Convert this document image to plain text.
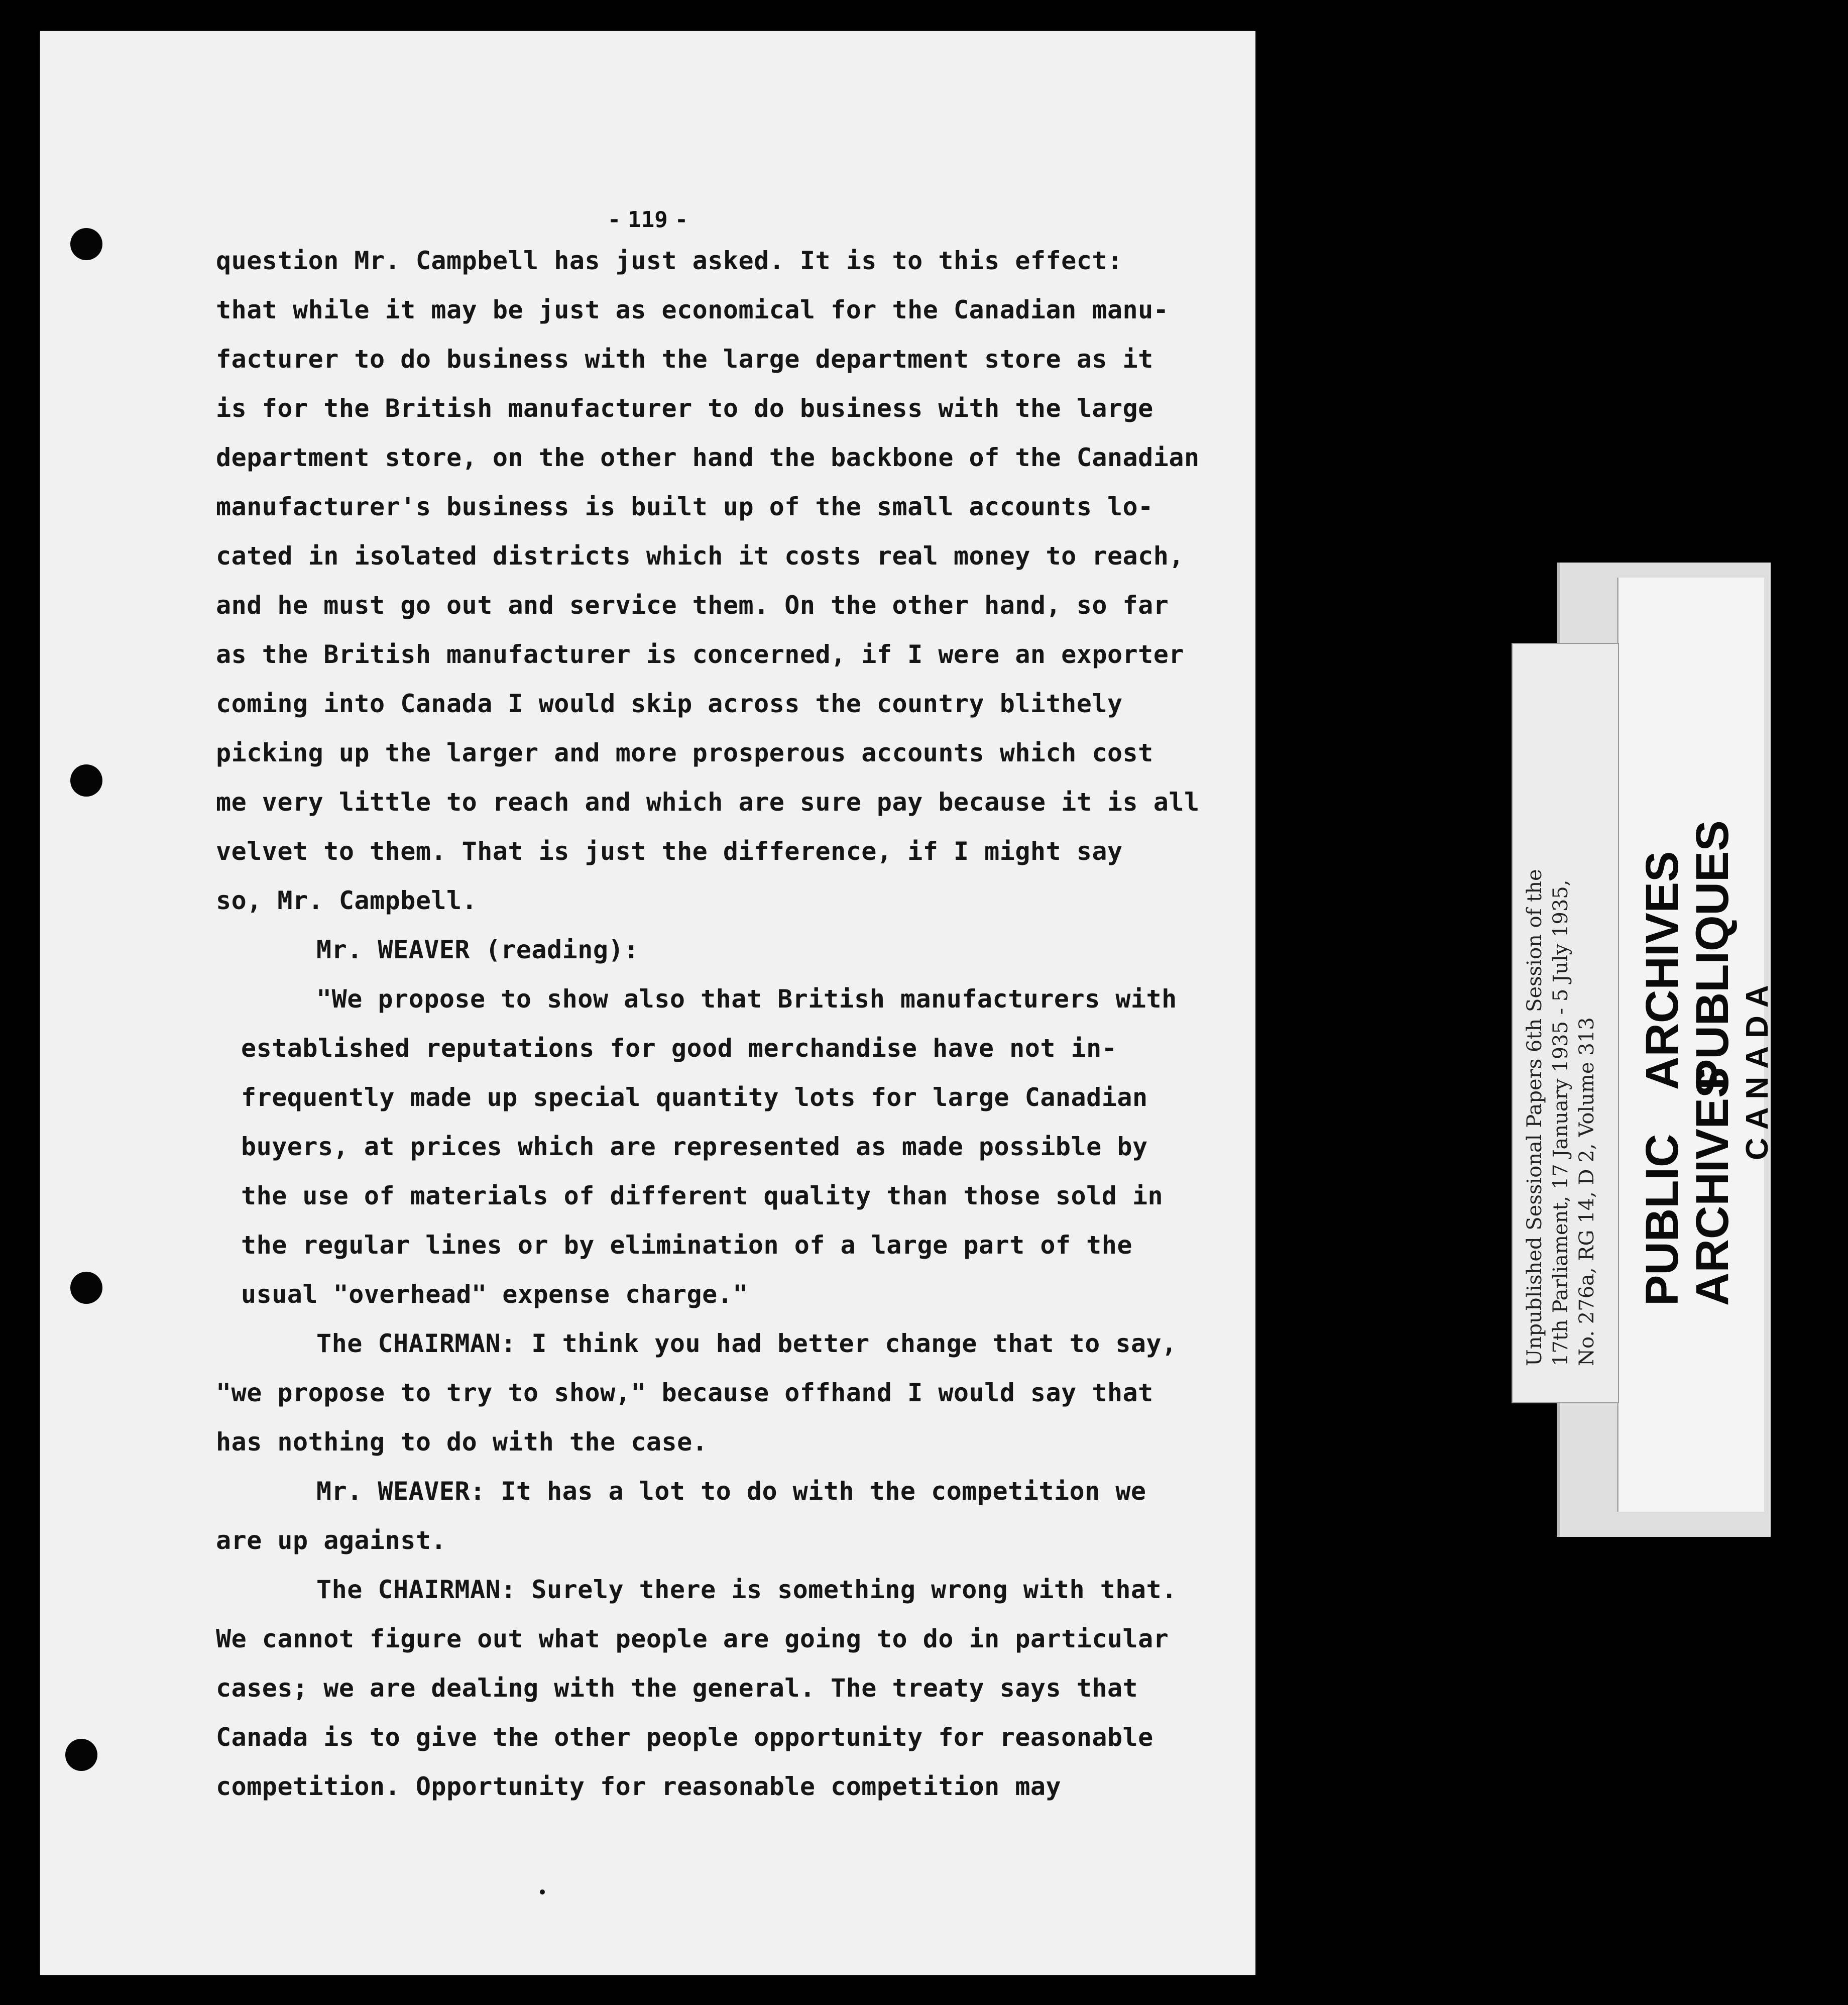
- 119 -
question Mr. Campbell has just asked. It is to this effect:
that while it may be just as economical for the Canadian manu-
facturer to do business with the large department store as it
is for the British manufacturer to do business with the large
department store, on the other hand the backbone of the Canadian
manufacturer's business is built up of the small accounts lo-
cated in isolated districts which it costs real money to reach,
and he must go out and service them. On the other hand, so far
as the British manufacturer is concerned, if I were an exporter
coming into Canada I would skip across the country blithely
picking up the larger and more prosperous accounts which cost
me very little to reach and which are sure pay because it is all
velvet to them. That is just the difference, if I might say
so, Mr. Campbell.
Mr. WEAVER (reading):
"We propose to show also that British manufacturers with
established reputations for good merchandise have not in-
frequently made up special quantity lots for large Canadian
buyers, at prices which are represented as made possible by
the use of materials of different quality than those sold in
the regular lines or by elimination of a large part of the
usual "overhead" expense charge."
The CHAIRMAN: I think you had better change that to say,
"we propose to try to show," because offhand I would say that
has nothing to do with the case.
Mr. WEAVER: It has a lot to do with the competition we
are up against.
The CHAIRMAN: Surely there is something wrong with that.
We cannot figure out what people are going to do in particular
cases; we are dealing with the general. The treaty says that
Canada is to give the other people opportunity for reasonable
competition. Opportunity for reasonable competition may
Unpublished Sessional Papers 6th Session of the 17th Parliament, 17 January 1935 - 5 July 1935, No. 276a, RG 14, D 2, Volume 313 PUBLICARCHIVES
ARCHIVESPUBLIQUES CANADA
